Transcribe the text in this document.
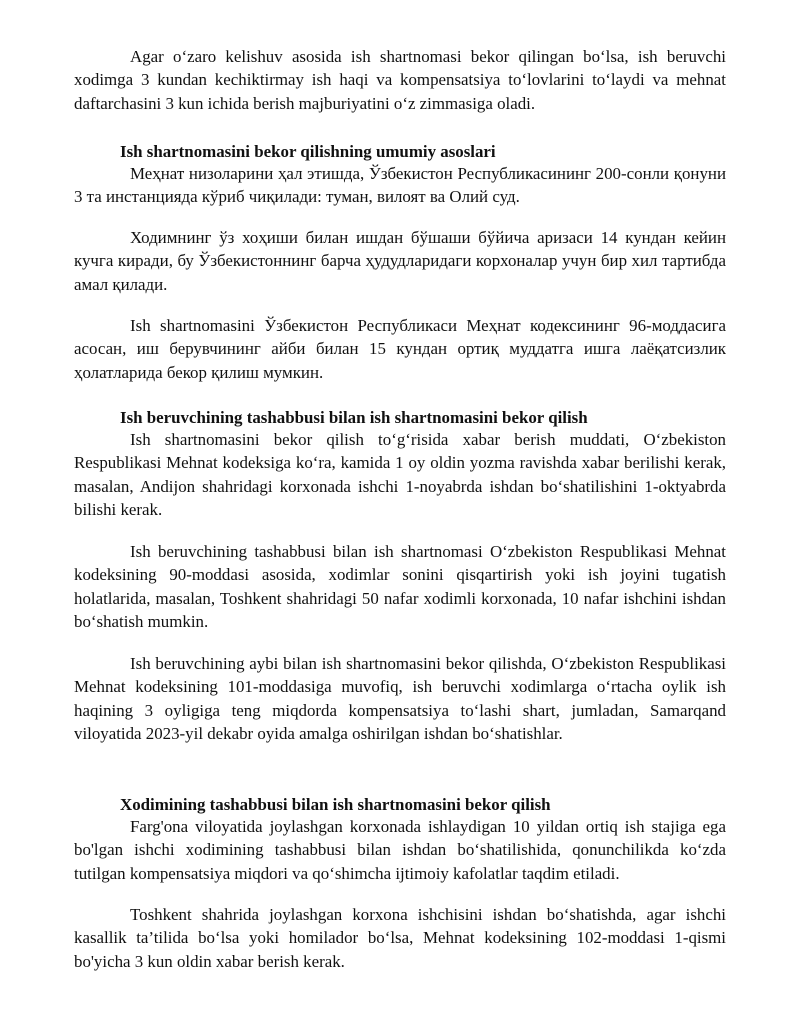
Agar o‘zaro kelishuv asosida ish shartnomasi bekor qilingan bo‘lsa, ish beruvchi xodimga 3 kundan kechiktirmay ish haqi va kompensatsiya to‘lovlarini to‘laydi va mehnat daftarchasini 3 kun ichida berish majburiyatini o‘z zimmasiga oladi.

Ish shartnomasini bekor qilishning umumiy asoslari

Меҳнат низоларини ҳал этишда, Ўзбекистон Республикасининг 200-сонли қонуни 3 та инстанцияда кўриб чиқилади: туман, вилоят ва Олий суд.

Ходимнинг ўз хоҳиши билан ишдан бўшаши бўйича аризаси 14 кундан кейин кучга киради, бу Ўзбекистоннинг барча ҳудудларидаги корхоналар учун бир хил тартибда амал қилади.

Ish shartnomasini Ўзбекистон Республикаси Меҳнат кодексининг 96-моддасига асосан, иш берувчининг айби билан 15 кундан ортиқ муддатга ишга лаёқатсизлик ҳолатларида бекор қилиш мумкин.

Ish beruvchining tashabbusi bilan ish shartnomasini bekor qilish

Ish shartnomasini bekor qilish to‘g‘risida xabar berish muddati, O‘zbekiston Respublikasi Mehnat kodeksiga ko‘ra, kamida 1 oy oldin yozma ravishda xabar berilishi kerak, masalan, Andijon shahridagi korxonada ishchi 1-noyabrda ishdan bo‘shatilishini 1-oktyabrda bilishi kerak.

Ish beruvchining tashabbusi bilan ish shartnomasi O‘zbekiston Respublikasi Mehnat kodeksining 90-moddasi asosida, xodimlar sonini qisqartirish yoki ish joyini tugatish holatlarida, masalan, Toshkent shahridagi 50 nafar xodimli korxonada, 10 nafar ishchini ishdan bo‘shatish mumkin.

Ish beruvchining aybi bilan ish shartnomasini bekor qilishda, O‘zbekiston Respublikasi Mehnat kodeksining 101-moddasiga muvofiq, ish beruvchi xodimlarga o‘rtacha oylik ish haqining 3 oyligiga teng miqdorda kompensatsiya to‘lashi shart, jumladan, Samarqand viloyatida 2023-yil dekabr oyida amalga oshirilgan ishdan bo‘shatishlar.

Xodimining tashabbusi bilan ish shartnomasini bekor qilish

Farg'ona viloyatida joylashgan korxonada ishlaydigan 10 yildan ortiq ish stajiga ega bo'lgan ishchi xodimining tashabbusi bilan ishdan bo‘shatilishida, qonunchilikda ko‘zda tutilgan kompensatsiya miqdori va qo‘shimcha ijtimoiy kafolatlar taqdim etiladi.

Toshkent shahrida joylashgan korxona ishchisini ishdan bo‘shatishda, agar ishchi kasallik ta’tilida bo‘lsa yoki homilador bo‘lsa, Mehnat kodeksining 102-moddasi 1-qismi bo'yicha 3 kun oldin xabar berish kerak.
